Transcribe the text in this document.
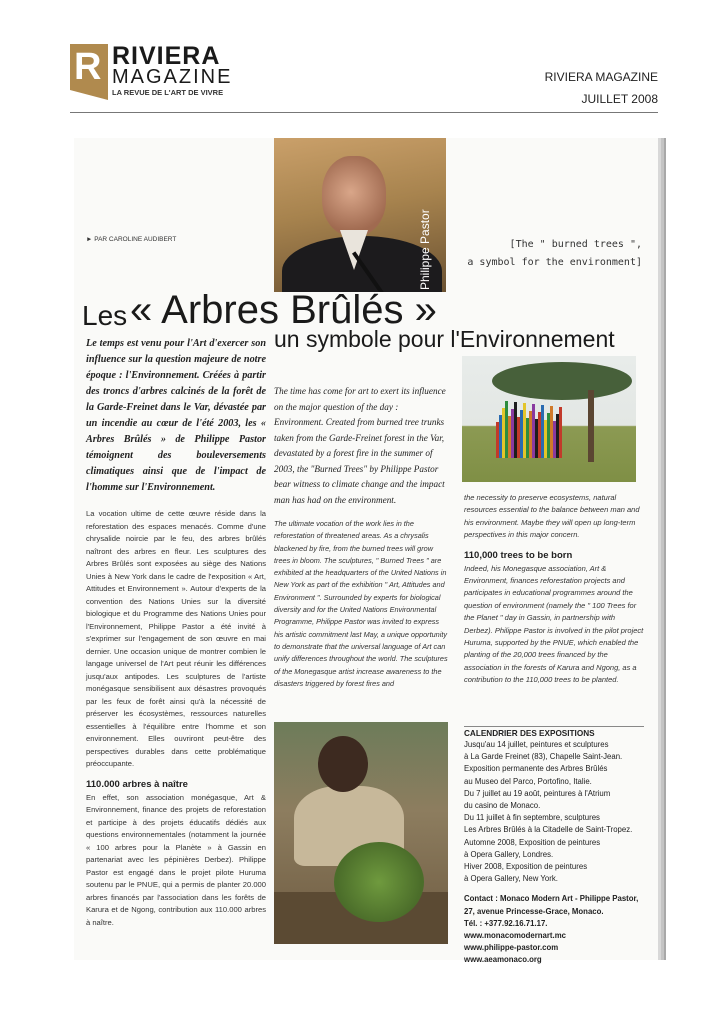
R RIVIERA
MAGAZINE
LA REVUE DE L'ART DE VIVRE
RIVIERA MAGAZINE
JUILLET 2008
Philippe Pastor
► PAR CAROLINE AUDIBERT	[The " burned trees ",
a symbol for the environment]
Les « Arbres Brûlés »
un symbole pour l'Environnement
Le temps est venu pour l'Art d'exercer son influence sur la question majeure de notre époque : l'Environnement. Créées à partir des troncs d'arbres calcinés de la forêt de la Garde-Freinet dans le Var, dévastée par un incendie au cœur de l'été 2003, les « Arbres Brûlés » de Philippe Pastor témoignent des bouleversements climatiques ainsi que de l'impact de l'homme sur l'Environnement.
The time has come for art to exert its influence on the major question of the day : Environment. Created from burned tree trunks taken from the Garde-Freinet forest in the Var, devastated by a forest fire in the summer of 2003, the "Burned Trees" by Philippe Pastor bear witness to climate change and the impact man has had on the environment.

La vocation ultime de cette œuvre réside dans la reforestation des espaces menacés. Comme d'une chrysalide noircie par le feu, des arbres brûlés naîtront des arbres en fleur. Les sculptures des Arbres Brûlés sont exposées au siège des Nations Unies à New York dans le cadre de l'exposition « Art, Attitudes et Environnement ». Autour d'experts de la convention des Nations Unies sur la diversité biologique et du Programme des Nations Unies pour l'Environnement, Philippe Pastor a été invité à s'exprimer sur l'engagement de son œuvre en mai dernier. Une occasion unique de montrer combien le langage universel de l'Art peut réunir les différences jusqu'aux antipodes. Les sculptures de l'artiste monégasque sensibilisent aux désastres provoqués par les feux de forêt ainsi qu'à la nécessité de préserver les écosystèmes, ressources naturelles essentielles à l'équilibre entre l'homme et son environnement. Elles ouvriront peut-être des perspectives durables dans cette problématique préoccupante.

110.000 arbres à naître

En effet, son association monégasque, Art & Environnement, finance des projets de reforestation et participe à des projets éducatifs dédiés aux questions environnementales (notamment la journée « 100 arbres pour la Planète » à Gassin en partenariat avec les pépinières Derbez). Philippe Pastor est engagé dans le projet pilote Huruma soutenu par le PNUE, qui a permis de planter 20.000 arbres financés par l'association dans les forêts de Karura et de Ngong, contribution aux 110.000 arbres à naître.

The ultimate vocation of the work lies in the reforestation of threatened areas. As a chrysalis blackened by fire, from the burned trees will grow trees in bloom. The sculptures, " Burned Trees " are exhibited at the headquarters of the United Nations in New York as part of the exhibition " Art, Attitudes and Environment ". Surrounded by experts for biological diversity and for the United Nations Environmental Programme, Philippe Pastor was invited to express his artistic commitment last May, a unique opportunity to demonstrate that the universal language of Art can unify differences throughout the world. The sculptures of the Monegasque artist increase awareness to the disasters triggered by forest fires and

the necessity to preserve ecosystems, natural resources essential to the balance between man and his environment. Maybe they will open up long-term perspectives in this major concern.

110,000 trees to be born

Indeed, his Monegasque association, Art & Environment, finances reforestation projects and participates in educational programmes around the question of environment (namely the " 100 Trees for the Planet " day in Gassin, in partnership with Derbez). Philippe Pastor is involved in the pilot project Huruma, supported by the PNUE, which enabled the planting of the 20,000 trees financed by the association in the forests of Karura and Ngong, as a contribution to the 110,000 trees to be planted.

CALENDRIER DES EXPOSITIONS
Jusqu'au 14 juillet, peintures et sculptures
à La Garde Freinet (83), Chapelle Saint-Jean.
Exposition permanente des Arbres Brûlés
au Museo del Parco, Portofino, Italie.
Du 7 juillet au 19 août, peintures à l'Atrium
du casino de Monaco.
Du 11 juillet à fin septembre, sculptures
Les Arbres Brûlés à la Citadelle de Saint-Tropez.
Automne 2008, Exposition de peintures
à Opera Gallery, Londres.
Hiver 2008, Exposition de peintures
à Opera Gallery, New York.
Contact : Monaco Modern Art - Philippe Pastor,
27, avenue Princesse-Grace, Monaco.
Tél. : +377.92.16.71.17.
www.monacomodernart.mc
www.philippe-pastor.com
www.aeamonaco.org
